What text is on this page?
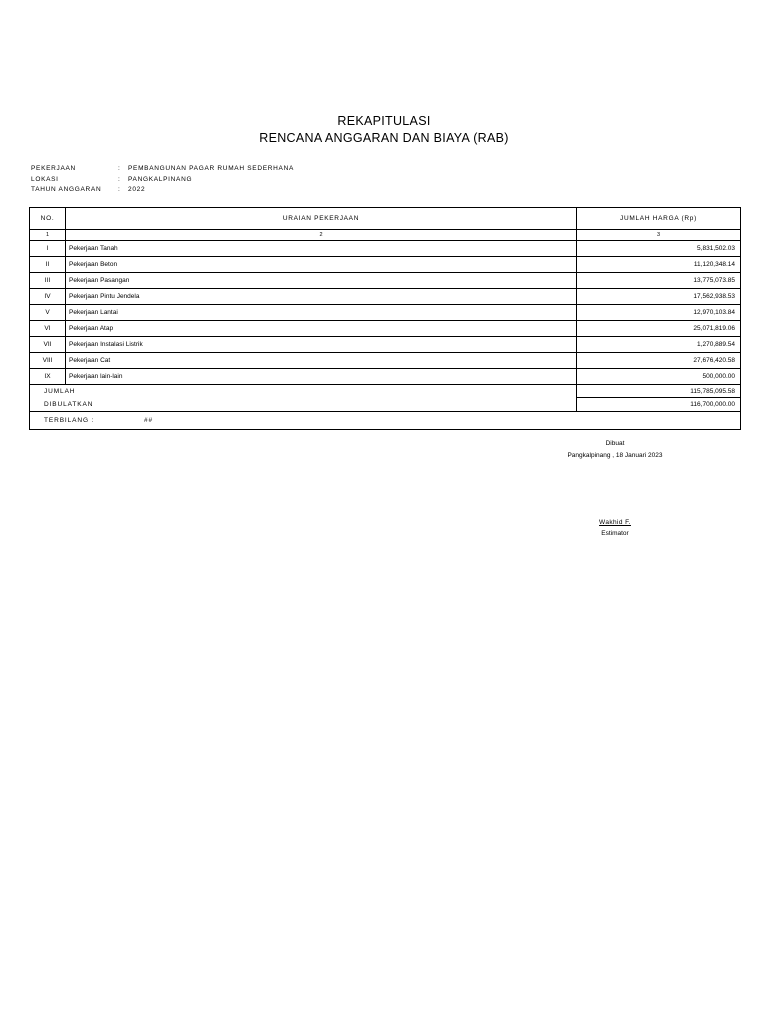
REKAPITULASI
RENCANA ANGGARAN DAN BIAYA (RAB)
PEKERJAAN	: PEMBANGUNAN PAGAR RUMAH SEDERHANA
LOKASI	: PANGKALPINANG
TAHUN ANGGARAN	: 2022
NO.	URAIAN PEKERJAAN	JUMLAH HARGA (Rp)
1	2	3
I	Pekerjaan Tanah	5,831,502.03
II	Pekerjaan Beton	11,120,348.14
III	Pekerjaan Pasangan	13,775,073.85
IV	Pekerjaan Pintu Jendela	17,562,938.53
V	Pekerjaan Lantai	12,970,103.84
VI	Pekerjaan Atap	25,071,819.06
VII	Pekerjaan Instalasi Listrik	1,270,889.54
VIII	Pekerjaan Cat	27,676,420.58
IX	Pekerjaan lain-lain	500,000.00
JUMLAH		115,785,095.58
DIBULATKAN		116,700,000.00
TERBILANG : ##		
Dibuat
Pangkalpinang , 18 Januari 2023
Wakhid F.
Estimator
